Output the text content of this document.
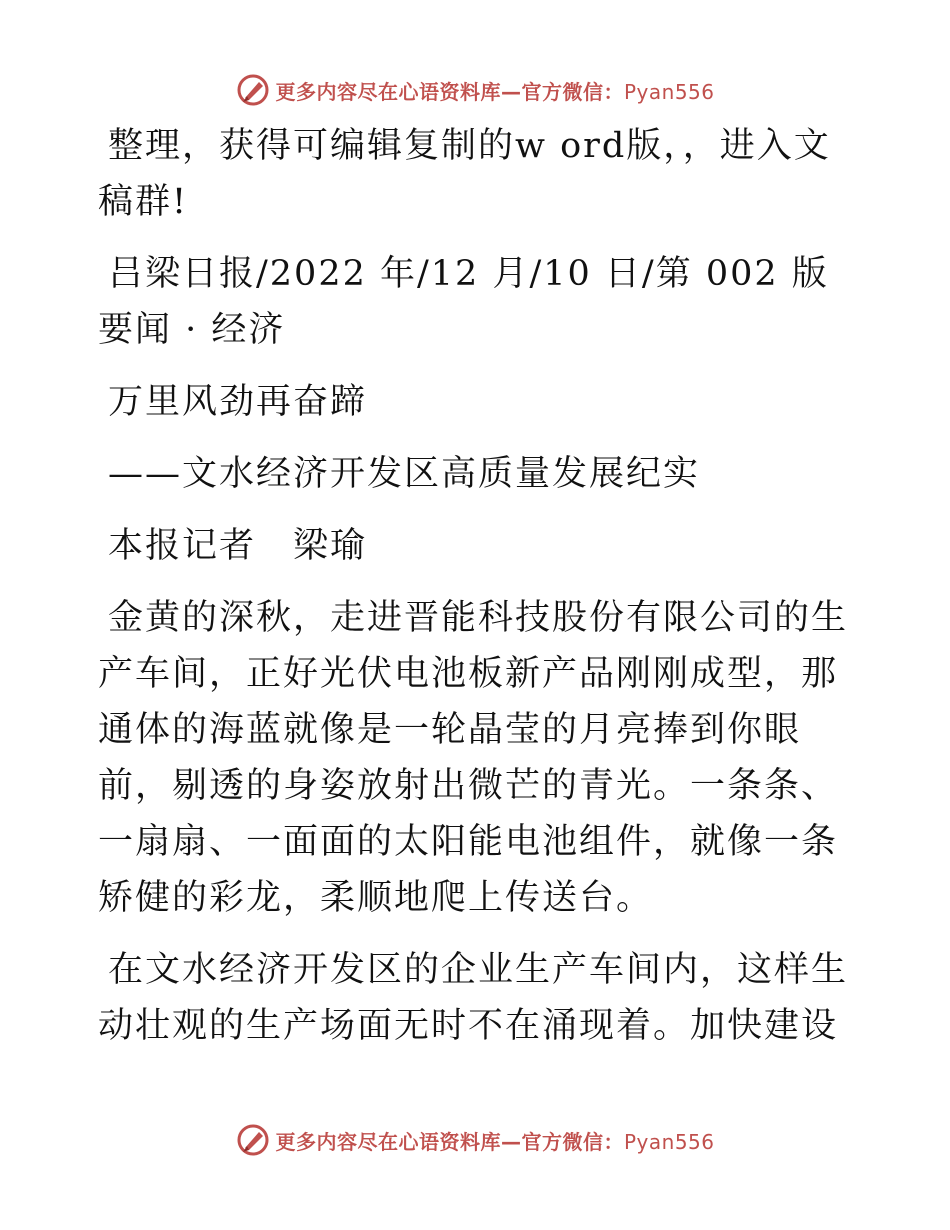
更多内容尽在心语资料库—官方微信：Pyan556

整理，获得可编辑复制的w ord版，，进入文稿群!

吕梁日报/2022 年/12 月/10 日/第 002 版要闻 · 经济

万里风劲再奋蹄

——文水经济开发区高质量发展纪实

本报记者　梁瑜

金黄的深秋，走进晋能科技股份有限公司的生产车间，正好光伏电池板新产品刚刚成型，那通体的海蓝就像是一轮晶莹的月亮捧到你眼前，剔透的身姿放射出微芒的青光。一条条、一扇扇、一面面的太阳能电池组件，就像一条矫健的彩龙，柔顺地爬上传送台。

在文水经济开发区的企业生产车间内，这样生动壮观的生产场面无时不在涌现着。加快建设

更多内容尽在心语资料库—官方微信：Pyan556
